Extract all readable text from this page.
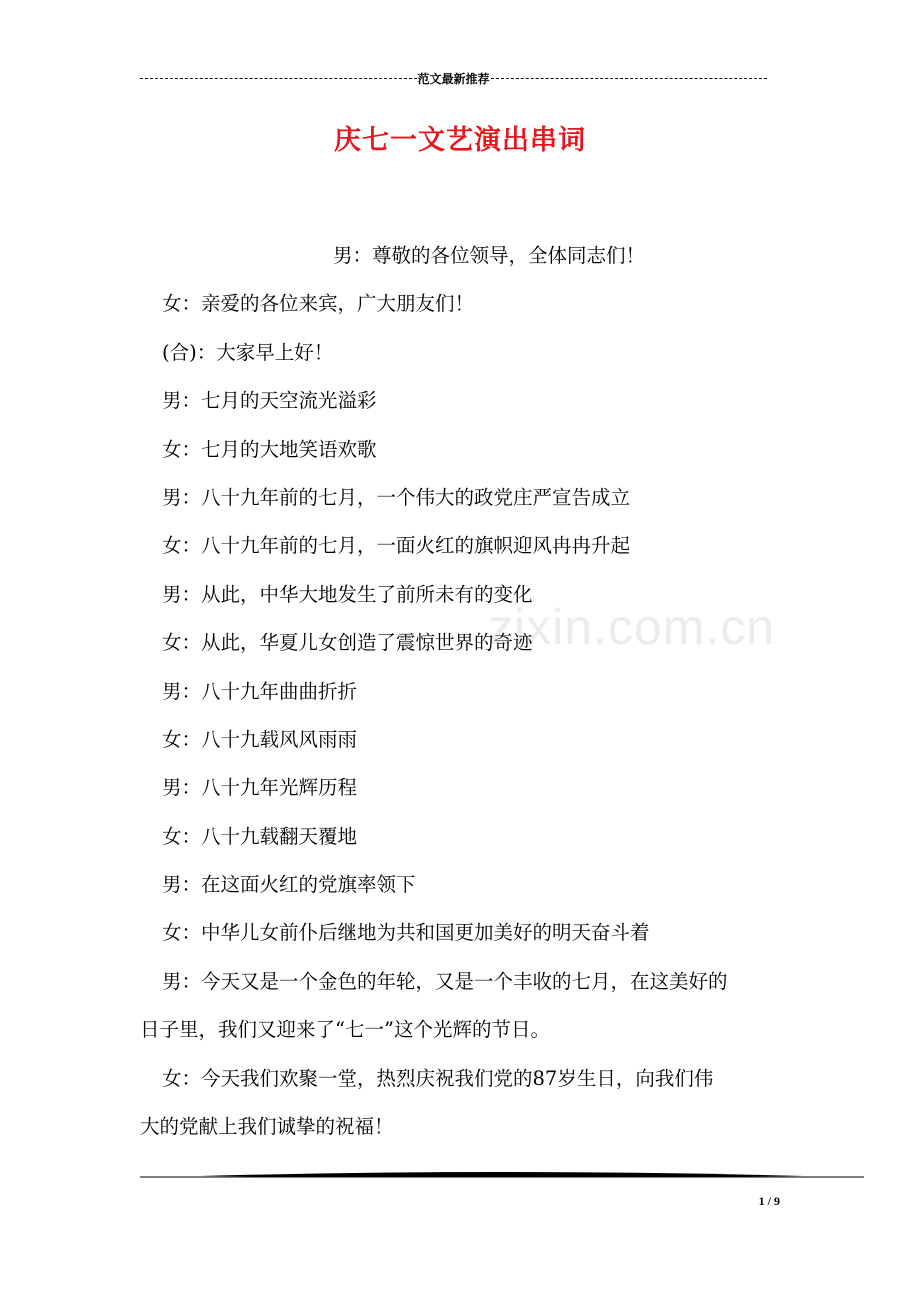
范文最新推荐
庆七一文艺演出串词
zixin.com.cn
男：尊敬的各位领导，全体同志们！
女：亲爱的各位来宾，广大朋友们！
(合)：大家早上好！
男：七月的天空流光溢彩
女：七月的大地笑语欢歌
男：八十九年前的七月，一个伟大的政党庄严宣告成立
女：八十九年前的七月，一面火红的旗帜迎风冉冉升起
男：从此，中华大地发生了前所未有的变化
女：从此，华夏儿女创造了震惊世界的奇迹
男：八十九年曲曲折折
女：八十九载风风雨雨
男：八十九年光辉历程
女：八十九载翻天覆地
男：在这面火红的党旗率领下
女：中华儿女前仆后继地为共和国更加美好的明天奋斗着
男：今天又是一个金色的年轮，又是一个丰收的七月，在这美好的
日子里，我们又迎来了“七一”这个光辉的节日。
女：今天我们欢聚一堂，热烈庆祝我们党的87岁生日，向我们伟
大的党献上我们诚挚的祝福！
1 / 9
